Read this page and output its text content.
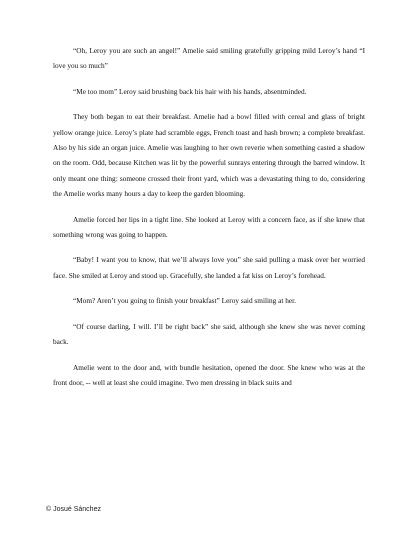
“Oh, Leroy you are such an angel!” Amelie said smiling gratefully gripping mild Leroy’s hand “I love you so much”

“Me too mom” Leroy said brushing back his hair with his hands, absentminded.

They both began to eat their breakfast. Amelie had a bowl filled with cereal and glass of bright yellow orange juice. Leroy’s plate had scramble eggs, French toast and hash brown; a complete breakfast. Also by his side an organ juice. Amelie was laughing to her own reverie when something casted a shadow on the room. Odd, because Kitchen was lit by the powerful sunrays entering through the barred window. It only meant one thing: someone crossed their front yard, which was a devastating thing to do, considering the Amelie works many hours a day to keep the garden blooming.

Amelie forced her lips in a tight line. She looked at Leroy with a concern face, as if she knew that something wrong was going to happen.

“Baby! I want you to know, that we’ll always love you” she said pulling a mask over her worried face. She smiled at Leroy and stood up. Gracefully, she landed a fat kiss on Leroy’s forehead.

“Mom? Aren’t you going to finish your breakfast” Leroy said smiling at her.

“Of course darling, I will. I’ll be right back” she said, although she knew she was never coming back.

Amelie went to the door and, with bundle hesitation, opened the door. She knew who was at the front door, -- well at least she could imagine. Two men dressing in black suits and

© Josué Sánchez
